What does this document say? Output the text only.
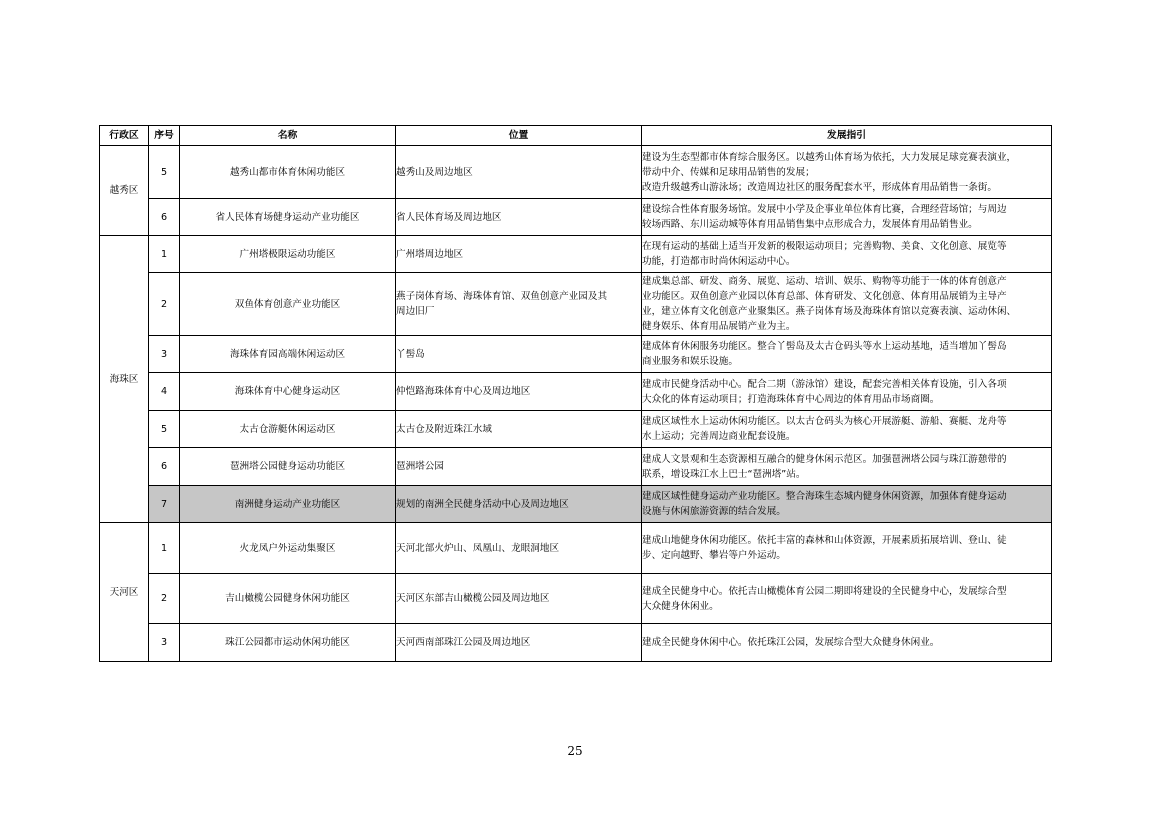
行政区	序号	名称	位置	发展指引
越秀区	5	越秀山都市体育休闲功能区	越秀山及周边地区	建设为生态型都市体育综合服务区。以越秀山体育场为依托，大力发展足球竞赛表演业，
带动中介、传媒和足球用品销售的发展；
改造升级越秀山游泳场；改造周边社区的服务配套水平，形成体育用品销售一条街。

	6	省人民体育场健身运动产业功能区	省人民体育场及周边地区	建设综合性体育服务场馆。发展中小学及企事业单位体育比赛，合理经营场馆；与周边
较场西路、东川运动城等体育用品销售集中点形成合力，发展体育用品销售业。

海珠区	1	广州塔极限运动功能区	广州塔周边地区	在现有运动的基础上适当开发新的极限运动项目；完善购物、美食、文化创意、展览等
功能，打造都市时尚休闲运动中心。

	2	双鱼体育创意产业功能区	燕子岗体育场、海珠体育馆、双鱼创意产业园及其
周边旧厂	建成集总部、研发、商务、展览、运动、培训、娱乐、购物等功能于一体的体育创意产
业功能区。双鱼创意产业园以体育总部、体育研发、文化创意、体育用品展销为主导产
业，建立体育文化创意产业聚集区。燕子岗体育场及海珠体育馆以竞赛表演、运动休闲、
健身娱乐、体育用品展销产业为主。

	3	海珠体育园高端休闲运动区	丫髻岛	建成体育休闲服务功能区。整合丫髻岛及太古仓码头等水上运动基地，适当增加丫髻岛
商业服务和娱乐设施。

	4	海珠体育中心健身运动区	仲恺路海珠体育中心及周边地区	建成市民健身活动中心。配合二期（游泳馆）建设，配套完善相关体育设施，引入各项
大众化的体育运动项目；打造海珠体育中心周边的体育用品市场商圈。

	5	太古仓游艇休闲运动区	太古仓及附近珠江水域	建成区域性水上运动休闲功能区。以太古仓码头为核心开展游艇、游船、赛艇、龙舟等
水上运动；完善周边商业配套设施。

	6	琶洲塔公园健身运动功能区	琶洲塔公园	建成人文景观和生态资源相互融合的健身休闲示范区。加强琶洲塔公园与珠江游憩带的
联系，增设珠江水上巴士“琶洲塔”站。

	7	南洲健身运动产业功能区	规划的南洲全民健身活动中心及周边地区	建成区域性健身运动产业功能区。整合海珠生态城内健身休闲资源，加强体育健身运动
设施与休闲旅游资源的结合发展。

天河区	1	火龙凤户外运动集聚区	天河北部火炉山、凤凰山、龙眼洞地区	建成山地健身休闲功能区。依托丰富的森林和山体资源，开展素质拓展培训、登山、徒
步、定向越野、攀岩等户外运动。

	2	吉山橄榄公园健身休闲功能区	天河区东部吉山橄榄公园及周边地区	建成全民健身中心。依托吉山橄榄体育公园二期即将建设的全民健身中心，发展综合型
大众健身休闲业。

	3	珠江公园都市运动休闲功能区	天河西南部珠江公园及周边地区	建成全民健身休闲中心。依托珠江公园，发展综合型大众健身休闲业。
25
